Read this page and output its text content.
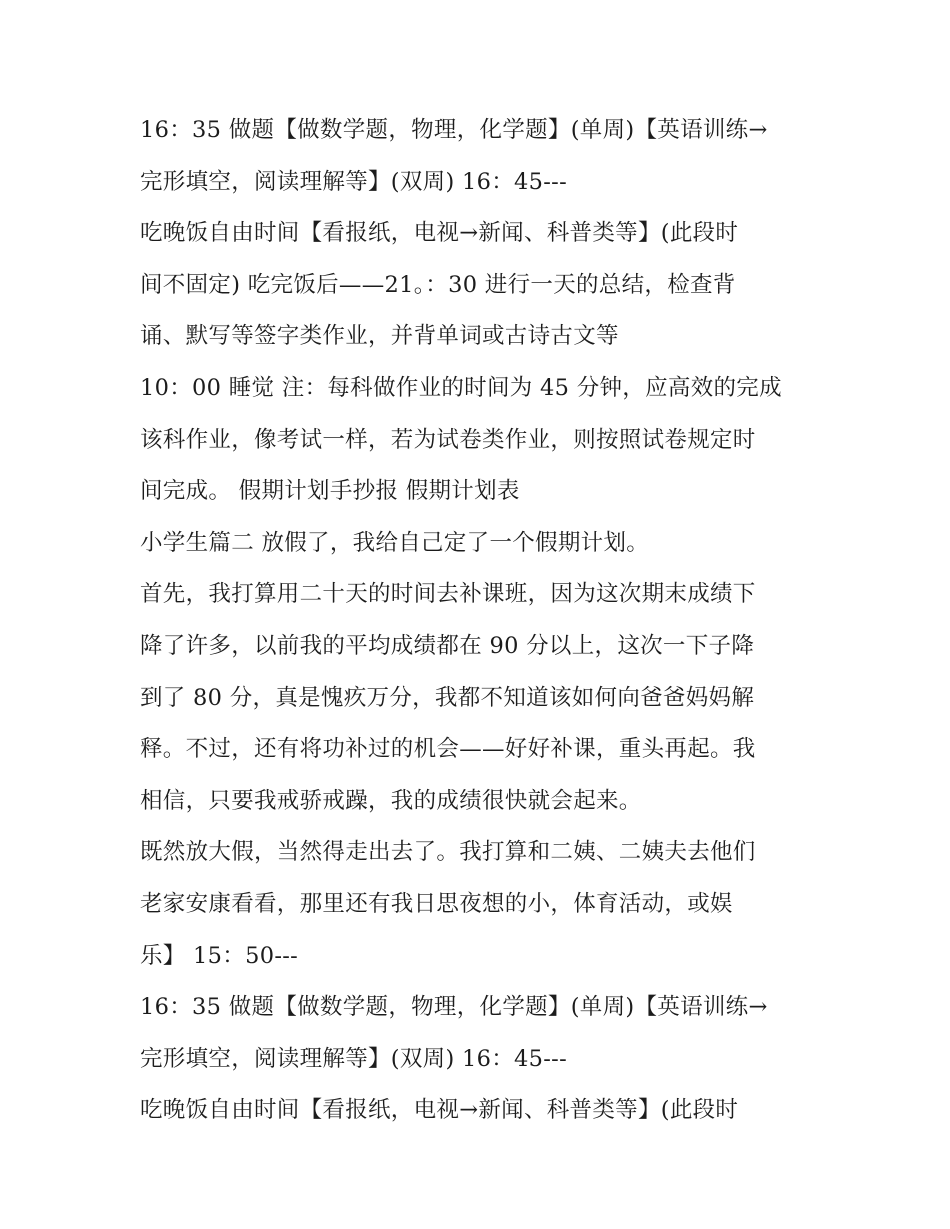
16：35 做题【做数学题，物理，化学题】(单周)【英语训练→
完形填空，阅读理解等】(双周) 16：45---
吃晚饭自由时间【看报纸，电视→新闻、科普类等】(此段时
间不固定) 吃完饭后——21。：30 进行一天的总结，检查背
诵、默写等签字类作业，并背单词或古诗古文等
10：00 睡觉 注：每科做作业的时间为 45 分钟，应高效的完成
该科作业，像考试一样，若为试卷类作业，则按照试卷规定时
间完成。 假期计划手抄报 假期计划表
小学生篇二 放假了，我给自己定了一个假期计划。
首先，我打算用二十天的时间去补课班，因为这次期末成绩下
降了许多，以前我的平均成绩都在 90 分以上，这次一下子降
到了 80 分，真是愧疚万分，我都不知道该如何向爸爸妈妈解
释。不过，还有将功补过的机会——好好补课，重头再起。我
相信，只要我戒骄戒躁，我的成绩很快就会起来。
既然放大假，当然得走出去了。我打算和二姨、二姨夫去他们
老家安康看看，那里还有我日思夜想的小，体育活动，或娱
乐】 15：50---
16：35 做题【做数学题，物理，化学题】(单周)【英语训练→
完形填空，阅读理解等】(双周) 16：45---
吃晚饭自由时间【看报纸，电视→新闻、科普类等】(此段时
